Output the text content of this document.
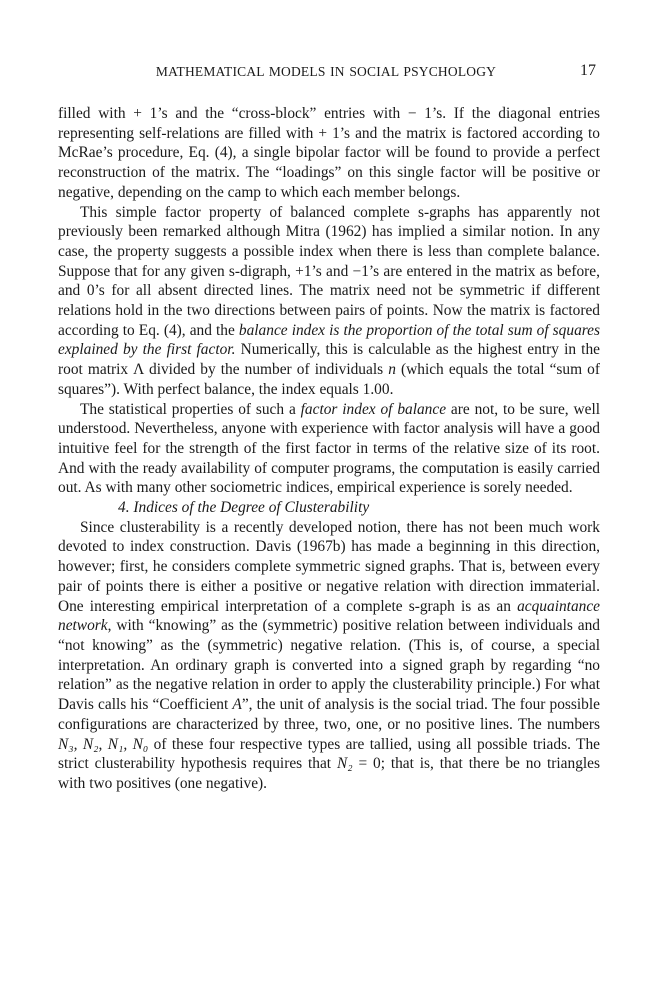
MATHEMATICAL MODELS IN SOCIAL PSYCHOLOGY	17

filled with + 1’s and the “cross-block” entries with − 1’s. If the diagonal entries representing self-relations are filled with + 1’s and the matrix is factored according to McRae’s procedure, Eq. (4), a single bipolar factor will be found to provide a perfect reconstruction of the matrix. The “loadings” on this single factor will be positive or negative, depending on the camp to which each member belongs.

This simple factor property of balanced complete s-graphs has apparently not previously been remarked although Mitra (1962) has implied a similar notion. In any case, the property suggests a possible index when there is less than complete balance. Suppose that for any given s-digraph, +1’s and −1’s are entered in the matrix as before, and 0’s for all absent directed lines. The matrix need not be symmetric if different relations hold in the two directions between pairs of points. Now the matrix is factored according to Eq. (4), and the balance index is the proportion of the total sum of squares explained by the first factor. Numerically, this is calculable as the highest entry in the root matrix Λ divided by the number of individuals n (which equals the total “sum of squares”). With perfect balance, the index equals 1.00.

The statistical properties of such a factor index of balance are not, to be sure, well understood. Nevertheless, anyone with experience with factor analysis will have a good intuitive feel for the strength of the first factor in terms of the relative size of its root. And with the ready availability of computer programs, the computation is easily carried out. As with many other sociometric indices, empirical experience is sorely needed.

4. Indices of the Degree of Clusterability

Since clusterability is a recently developed notion, there has not been much work devoted to index construction. Davis (1967b) has made a beginning in this direction, however; first, he considers complete symmetric signed graphs. That is, between every pair of points there is either a positive or negative relation with direction immaterial. One interesting empirical interpretation of a complete s-graph is as an acquaintance network, with “knowing” as the (symmetric) positive relation between individuals and “not knowing” as the (symmetric) negative relation. (This is, of course, a special interpretation. An ordinary graph is converted into a signed graph by regarding “no relation” as the negative relation in order to apply the clusterability principle.) For what Davis calls his “Coefficient A”, the unit of analysis is the social triad. The four possible configurations are characterized by three, two, one, or no positive lines. The numbers N₃, N₂, N₁, N₀ of these four respective types are tallied, using all possible triads. The strict clusterability hypothesis requires that N₂ = 0; that is, that there be no triangles with two positives (one negative).
